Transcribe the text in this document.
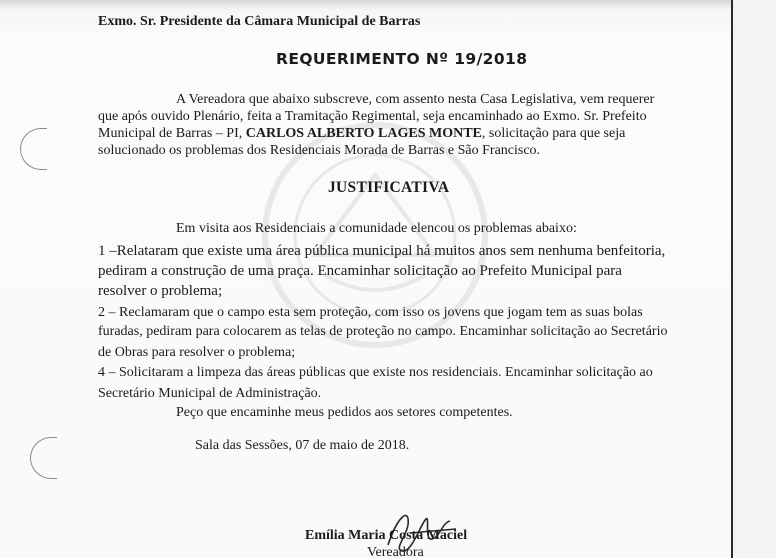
Exmo. Sr. Presidente da Câmara Municipal de Barras
REQUERIMENTO Nº 19/2018
A Vereadora que abaixo subscreve, com assento nesta Casa Legislativa, vem requerer
que após ouvido Plenário, feita a Tramitação Regimental, seja encaminhado ao Exmo. Sr. Prefeito
Municipal de Barras – PI, CARLOS ALBERTO LAGES MONTE, solicitação para que seja
solucionado os problemas dos Residenciais Morada de Barras e São Francisco.
JUSTIFICATIVA
Em visita aos Residenciais a comunidade elencou os problemas abaixo:
1 –Relataram que existe uma área pública municipal há muitos anos sem nenhuma benfeitoria,
pediram a construção de uma praça. Encaminhar solicitação ao Prefeito Municipal para
resolver o problema;
2 – Reclamaram que o campo esta sem proteção, com isso os jovens que jogam tem as suas bolas
furadas, pediram para colocarem as telas de proteção no campo. Encaminhar solicitação ao Secretário
de Obras para resolver o problema;
4 – Solicitaram a limpeza das áreas públicas que existe nos residenciais. Encaminhar solicitação ao
Secretário Municipal de Administração.
Peço que encaminhe meus pedidos aos setores competentes.
Sala das Sessões, 07 de maio de 2018.
Emília Maria Costa Maciel
Vereadora
